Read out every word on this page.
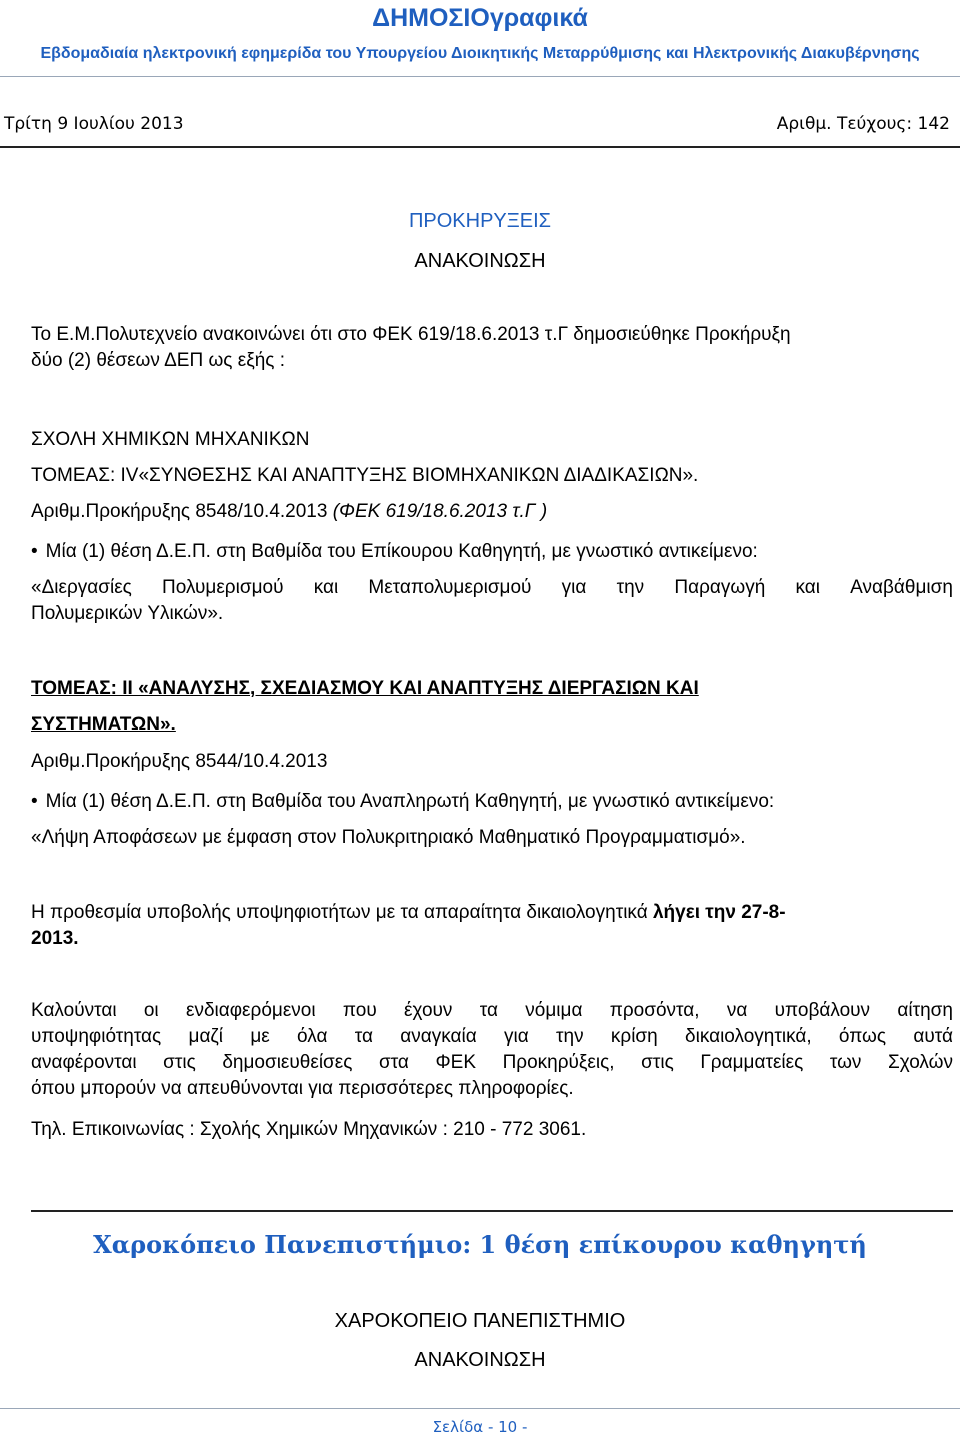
ΔΗΜΟΣΙΟγραφικά
Εβδομαδιαία ηλεκτρονική εφημερίδα του Υπουργείου Διοικητικής Μεταρρύθμισης και Ηλεκτρονικής Διακυβέρνησης
Τρίτη 9 Ιουλίου 2013	Αριθμ. Τεύχους: 142
ΠΡΟΚΗΡΥΞΕΙΣ
ΑΝΑΚΟΙΝΩΣΗ
Το Ε.Μ.Πολυτεχνείο ανακοινώνει ότι στο ΦΕΚ 619/18.6.2013 τ.Γ δημοσιεύθηκε Προκήρυξη
δύο (2) θέσεων ΔΕΠ ως εξής :
ΣΧΟΛΗ ΧΗΜΙΚΩΝ ΜΗΧΑΝΙΚΩΝ
ΤΟΜΕΑΣ: IV«ΣΥΝΘΕΣΗΣ ΚΑΙ ΑΝΑΠΤΥΞΗΣ ΒΙΟΜΗΧΑΝΙΚΩΝ ΔΙΑΔΙΚΑΣΙΩΝ».
Αριθμ.Προκήρυξης 8548/10.4.2013 (ΦΕΚ 619/18.6.2013 τ.Γ )
• Μία (1) θέση Δ.Ε.Π. στη Βαθμίδα του Επίκουρου Καθηγητή, με γνωστικό αντικείμενο:
«Διεργασίες Πολυμερισμού και Μεταπολυμερισμού για την Παραγωγή και Αναβάθμιση
Πολυμερικών Υλικών».
ΤΟΜΕΑΣ: ΙΙ «ΑΝΑΛΥΣΗΣ, ΣΧΕΔΙΑΣΜΟΥ ΚΑΙ ΑΝΑΠΤΥΞΗΣ ΔΙΕΡΓΑΣΙΩΝ ΚΑΙ
ΣΥΣΤΗΜΑΤΩΝ».
Αριθμ.Προκήρυξης 8544/10.4.2013
• Μία (1) θέση Δ.Ε.Π. στη Βαθμίδα του Αναπληρωτή Καθηγητή, με γνωστικό αντικείμενο:
«Λήψη Αποφάσεων με έμφαση στον Πολυκριτηριακό Μαθηματικό Προγραμματισμό».
Η προθεσμία υποβολής υποψηφιοτήτων με τα απαραίτητα δικαιολογητικά λήγει την 27-8-
2013.
Καλούνται οι ενδιαφερόμενοι που έχουν τα νόμιμα προσόντα, να υποβάλουν αίτηση
υποψηφιότητας μαζί με όλα τα αναγκαία για την κρίση δικαιολογητικά, όπως αυτά
αναφέρονται στις δημοσιευθείσες στα ΦΕΚ Προκηρύξεις, στις Γραμματείες των Σχολών
όπου μπορούν να απευθύνονται για περισσότερες πληροφορίες.
Τηλ. Επικοινωνίας : Σχολής Χημικών Μηχανικών : 210 - 772 3061.
Χαροκόπειο Πανεπιστήμιο: 1 θέση επίκουρου καθηγητή
ΧΑΡΟΚΟΠΕΙΟ ΠΑΝΕΠΙΣΤΗΜΙΟ
ΑΝΑΚΟΙΝΩΣΗ
Σελίδα - 10 -
